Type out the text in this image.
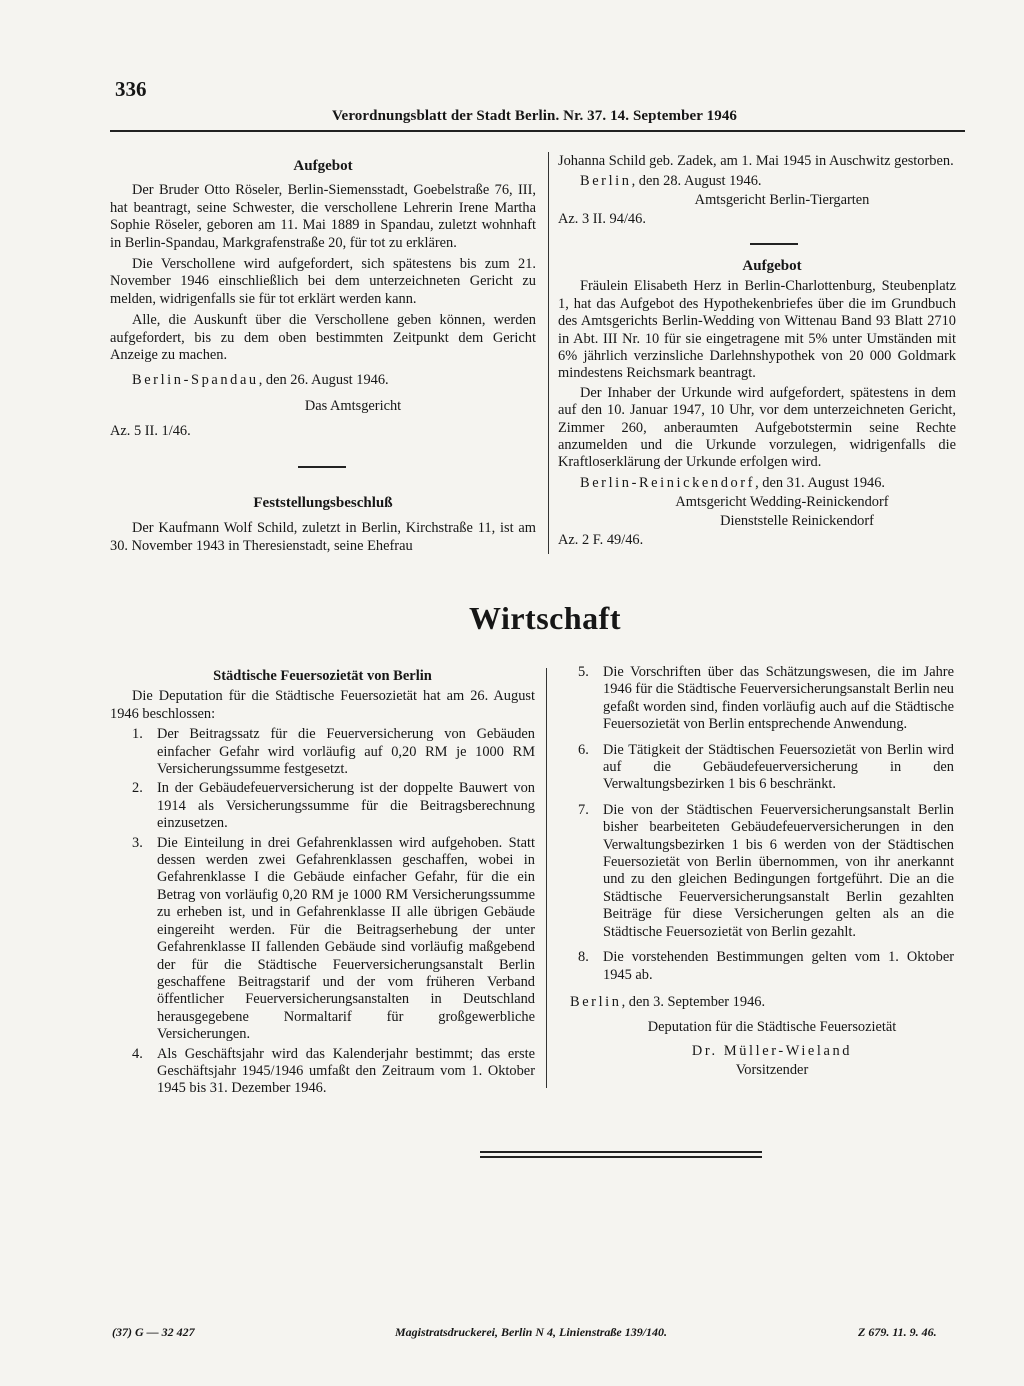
336
Verordnungsblatt der Stadt Berlin. Nr. 37. 14. September 1946

Aufgebot

Der Bruder Otto Röseler, Berlin-Siemensstadt, Goebelstraße 76, III, hat beantragt, seine Schwester, die verschollene Lehrerin Irene Martha Sophie Röseler, geboren am 11. Mai 1889 in Spandau, zuletzt wohnhaft in Berlin-Spandau, Markgrafenstraße 20, für tot zu erklären.

Die Verschollene wird aufgefordert, sich spätestens bis zum 21. November 1946 einschließlich bei dem unterzeichneten Gericht zu melden, widrigenfalls sie für tot erklärt werden kann.

Alle, die Auskunft über die Verschollene geben können, werden aufgefordert, bis zu dem oben bestimmten Zeitpunkt dem Gericht Anzeige zu machen.

Berlin-Spandau, den 26. August 1946.

Das Amtsgericht

Az. 5 II. 1/46.

Feststellungsbeschluß

Der Kaufmann Wolf Schild, zuletzt in Berlin, Kirchstraße 11, ist am 30. November 1943 in Theresienstadt, seine Ehefrau

Johanna Schild geb. Zadek, am 1. Mai 1945 in Auschwitz gestorben.

Berlin, den 28. August 1946.

Amtsgericht Berlin-Tiergarten

Az. 3 II. 94/46.

Aufgebot

Fräulein Elisabeth Herz in Berlin-Charlottenburg, Steubenplatz 1, hat das Aufgebot des Hypothekenbriefes über die im Grundbuch des Amtsgerichts Berlin-Wedding von Wittenau Band 93 Blatt 2710 in Abt. III Nr. 10 für sie eingetragene mit 5% unter Umständen mit 6% jährlich verzinsliche Darlehnshypothek von 20 000 Goldmark mindestens Reichsmark beantragt.

Der Inhaber der Urkunde wird aufgefordert, spätestens in dem auf den 10. Januar 1947, 10 Uhr, vor dem unterzeichneten Gericht, Zimmer 260, anberaumten Aufgebotstermin seine Rechte anzumelden und die Urkunde vorzulegen, widrigenfalls die Kraftloserklärung der Urkunde erfolgen wird.

Berlin-Reinickendorf, den 31. August 1946.

Amtsgericht Wedding-Reinickendorf

Dienststelle Reinickendorf

Az. 2 F. 49/46.

Wirtschaft

Städtische Feuersozietät von Berlin

Die Deputation für die Städtische Feuersozietät hat am 26. August 1946 beschlossen:

1. Der Beitragssatz für die Feuerversicherung von Gebäuden einfacher Gefahr wird vorläufig auf 0,20 RM je 1000 RM Versicherungssumme festgesetzt.
2. In der Gebäudefeuerversicherung ist der doppelte Bauwert von 1914 als Versicherungssumme für die Beitragsberechnung einzusetzen.
3. Die Einteilung in drei Gefahrenklassen wird aufgehoben. Statt dessen werden zwei Gefahrenklassen geschaffen, wobei in Gefahrenklasse I die Gebäude einfacher Gefahr, für die ein Betrag von vorläufig 0,20 RM je 1000 RM Versicherungssumme zu erheben ist, und in Gefahrenklasse II alle übrigen Gebäude eingereiht werden. Für die Beitragserhebung der unter Gefahrenklasse II fallenden Gebäude sind vorläufig maßgebend der für die Städtische Feuerversicherungsanstalt Berlin geschaffene Beitragstarif und der vom früheren Verband öffentlicher Feuerversicherungsanstalten in Deutschland herausgegebene Normaltarif für großgewerbliche Versicherungen.
4. Als Geschäftsjahr wird das Kalenderjahr bestimmt; das erste Geschäftsjahr 1945/1946 umfaßt den Zeitraum vom 1. Oktober 1945 bis 31. Dezember 1946.
5. Die Vorschriften über das Schätzungswesen, die im Jahre 1946 für die Städtische Feuerversicherungsanstalt Berlin neu gefaßt worden sind, finden vorläufig auch auf die Städtische Feuersozietät von Berlin entsprechende Anwendung.
6. Die Tätigkeit der Städtischen Feuersozietät von Berlin wird auf die Gebäudefeuerversicherung in den Verwaltungsbezirken 1 bis 6 beschränkt.
7. Die von der Städtischen Feuerversicherungsanstalt Berlin bisher bearbeiteten Gebäudefeuerversicherungen in den Verwaltungsbezirken 1 bis 6 werden von der Städtischen Feuersozietät von Berlin übernommen, von ihr anerkannt und zu den gleichen Bedingungen fortgeführt. Die an die Städtische Feuerversicherungsanstalt Berlin gezahlten Beiträge für diese Versicherungen gelten als an die Städtische Feuersozietät von Berlin gezahlt.
8. Die vorstehenden Bestimmungen gelten vom 1. Oktober 1945 ab.

Berlin, den 3. September 1946.

Deputation für die Städtische Feuersozietät

Dr. Müller-Wieland

Vorsitzender

(37) G — 32 427	Magistratsdruckerei, Berlin N 4, Linienstraße 139/140.	Z 679. 11. 9. 46.
